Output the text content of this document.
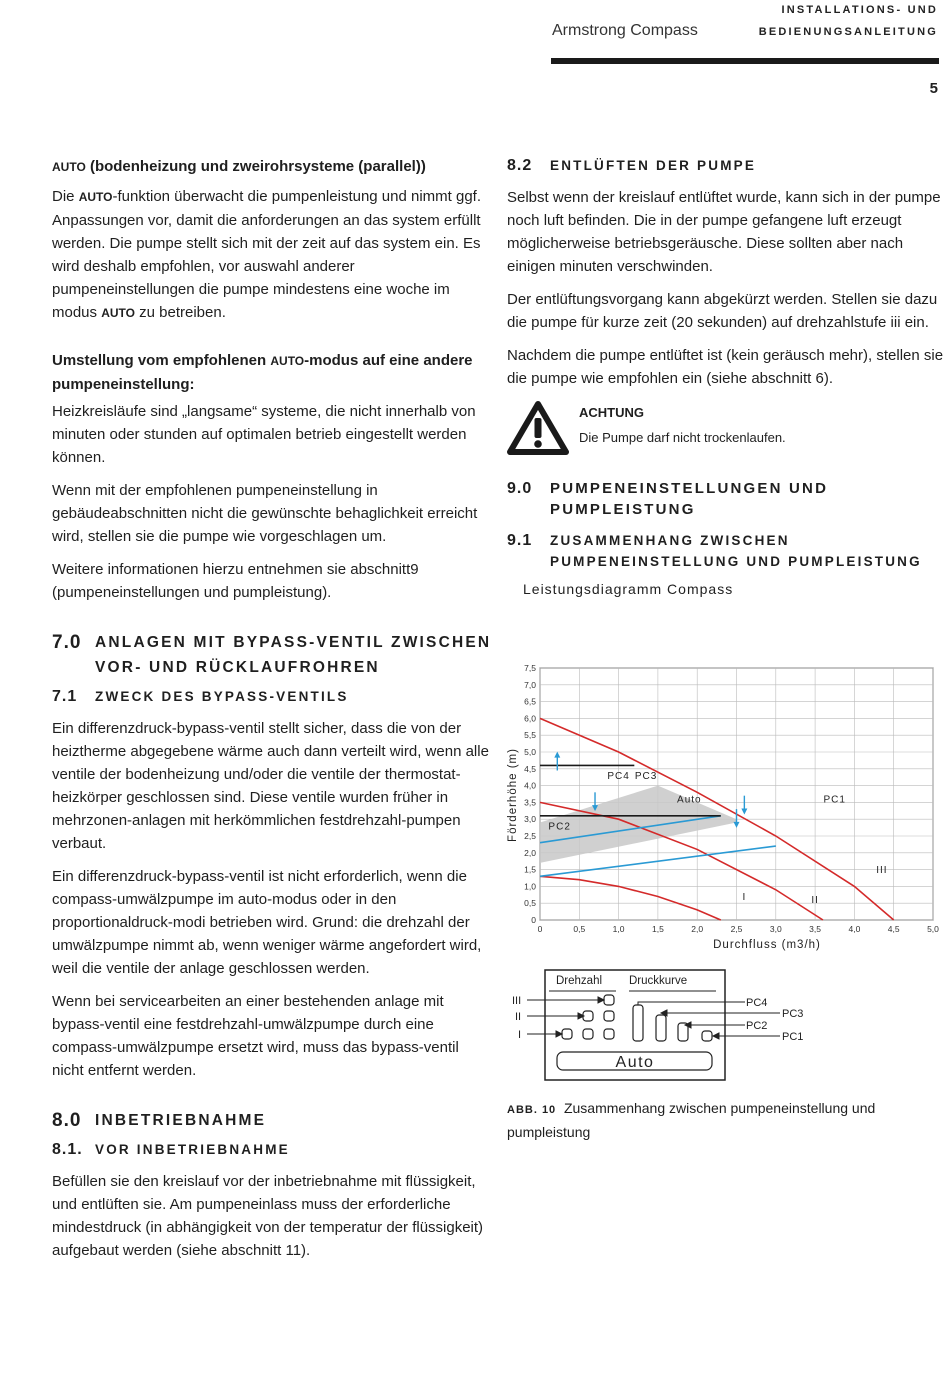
Armstrong Compass
INSTALLATIONS- UND
BEDIENUNGSANLEITUNG
5

AUTO (bodenheizung und zweirohrsysteme (parallel))

Die AUTO-funktion überwacht die pumpenleistung und nimmt ggf. Anpassungen vor, damit die anforderungen an das system erfüllt werden. Die pumpe stellt sich mit der zeit auf das system ein. Es wird deshalb empfohlen, vor auswahl anderer pumpeneinstellungen die pumpe mindestens eine woche im modus AUTO zu betreiben.

Umstellung vom empfohlenen AUTO-modus auf eine andere pumpeneinstellung:

Heizkreisläufe sind „langsame“ systeme, die nicht innerhalb von minuten oder stunden auf optimalen betrieb eingestellt werden können.

Wenn mit der empfohlenen pumpeneinstellung in gebäudeabschnitten nicht die gewünschte behaglichkeit erreicht wird, stellen sie die pumpe wie vorgeschlagen um.

Weitere informationen hierzu entnehmen sie abschnitt9 (pumpeneinstellungen und pumpleistung).

7.0 ANLAGEN MIT BYPASS-VENTIL ZWISCHEN VOR- UND RÜCKLAUFROHREN
7.1	ZWECK DES BYPASS-VENTILS

Ein differenzdruck-bypass-ventil stellt sicher, dass die von der heiztherme abgegebene wärme auch dann verteilt wird, wenn alle ventile der bodenheizung und/oder die ventile der thermostat-heizkörper geschlossen sind. Diese ventile wurden früher in mehrzonen-anlagen mit herkömmlichen festdrehzahl-pumpen verbaut.

Ein differenzdruck-bypass-ventil ist nicht erforderlich, wenn die compass-umwälzpumpe im auto-modus oder in den proportionaldruck-modi betrieben wird. Grund: die drehzahl der umwälzpumpe nimmt ab, wenn weniger wärme angefordert wird, weil die ventile der anlage geschlossen werden.

Wenn bei servicearbeiten an einer bestehenden anlage mit bypass-ventil eine festdrehzahl-umwälzpumpe durch eine compass-umwälzpumpe ersetzt wird, muss das bypass-ventil nicht entfernt werden.

8.0 INBETRIEBNAHME
8.1. VOR INBETRIEBNAHME

Befüllen sie den kreislauf vor der inbetriebnahme mit flüssigkeit, und entlüften sie. Am pumpeneinlass muss der erforderliche mindestdruck (in abhängigkeit von der temperatur der flüssigkeit) aufgebaut werden (siehe abschnitt 11).

8.2	ENTLÜFTEN DER PUMPE

Selbst wenn der kreislauf entlüftet wurde, kann sich in der pumpe noch luft befinden. Die in der pumpe gefangene luft erzeugt möglicherweise betriebsgeräusche. Diese sollten aber nach einigen minuten verschwinden.

Der entlüftungsvorgang kann abgekürzt werden. Stellen sie dazu die pumpe für kurze zeit (20 sekunden) auf drehzahlstufe iii ein.

Nachdem die pumpe entlüftet ist (kein geräusch mehr), stellen sie die pumpe wie empfohlen ein (siehe abschnitt 6).

ACHTUNG
Die Pumpe darf nicht trockenlaufen.
9.0	PUMPENEINSTELLUNGEN UND PUMPLEISTUNG
9.1	ZUSAMMENHANG ZWISCHEN PUMPENEINSTELLUNG UND PUMPLEISTUNG
Leistungsdiagramm Compass
0	0,5	1,0	1,5	2,0	2,5	3,0	3,5	4,0	4,5	5,0
0
0,5
1,0
1,5
2,0
2,5
3,0
3,5
4,0
4,5
5,0
5,5
6,0
6,5
7,0
7,5
Durchfluss (m3/h)
Förderhöhe (m)	PC4 PC3
PC2
PC1
Auto
I	II
III
Drehzahl Druckkurve
III
II
I
PC4
PC3
PC2
PC1
Auto
ABB. 10 Zusammenhang zwischen pumpeneinstellung und pumpleistung
